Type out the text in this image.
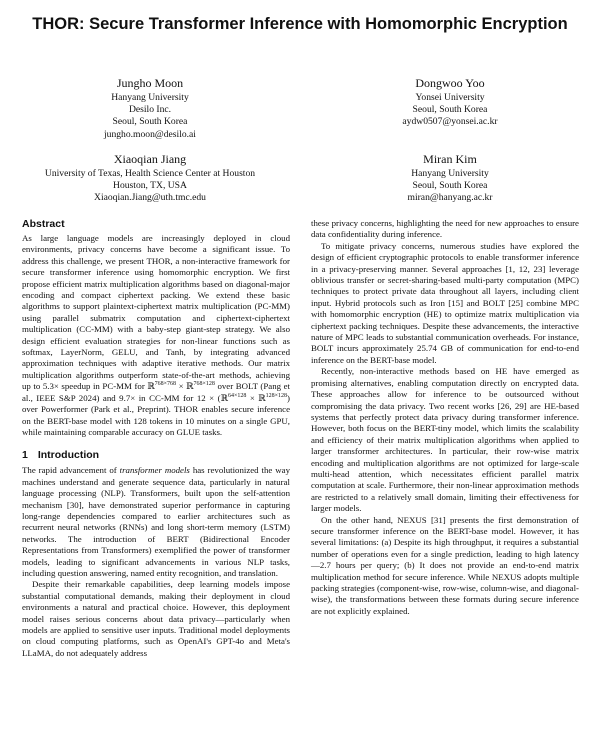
THOR: Secure Transformer Inference with Homomorphic Encryption
Jungho Moon
Hanyang University
Desilo Inc.
Seoul, South Korea
jungho.moon@desilo.ai
Dongwoo Yoo
Yonsei University
Seoul, South Korea
aydw0507@yonsei.ac.kr
Xiaoqian Jiang
University of Texas, Health Science Center at Houston
Houston, TX, USA
Xiaoqian.Jiang@uth.tmc.edu
Miran Kim
Hanyang University
Seoul, South Korea
miran@hanyang.ac.kr
Abstract

As large language models are increasingly deployed in cloud environments, privacy concerns have become a significant issue. To address this challenge, we present THOR, a non-interactive framework for secure transformer inference using homomorphic encryption. We first propose efficient matrix multiplication algorithms based on diagonal-major encoding and compact ciphertext packing. We extend these basic algorithms to support plaintext-ciphertext matrix multiplication (PC-MM) using parallel submatrix computation and ciphertext-ciphertext multiplication (CC-MM) with a baby-step giant-step strategy. We also design efficient evaluation strategies for non-linear functions such as softmax, LayerNorm, GELU, and Tanh, by integrating advanced approximation techniques with adaptive iterative methods. Our matrix multiplication algorithms outperform state-of-the-art methods, achieving up to 5.3× speedup in PC-MM for ℝ$^{768\times 768}$ × ℝ$^{768\times 128}$ over BOLT (Pang et al., IEEE S&P 2024) and 9.7× in CC-MM for 12 × (ℝ$^{64\times 128}$ × ℝ$^{128\times 128}$) over Powerformer (Park et al., Preprint). THOR enables secure inference on the BERT-base model with 128 tokens in 10 minutes on a single GPU, while maintaining comparable accuracy on GLUE tasks.

1 Introduction

The rapid advancement of transformer models has revolutionized the way machines understand and generate sequence data, particularly in natural language processing (NLP). Transformers, built upon the self-attention mechanism [30], have demonstrated superior performance in capturing long-range dependencies compared to earlier architectures such as recurrent neural networks (RNNs) and long short-term memory (LSTM) networks. The introduction of BERT (Bidirectional Encoder Representations from Transformers) exemplified the power of transformer models, leading to significant advancements in various NLP tasks, including question answering, named entity recognition, and translation.

Despite their remarkable capabilities, deep learning models impose substantial computational demands, making their deployment in cloud environments a natural and practical choice. However, this deployment model raises serious concerns about data privacy—particularly when models are applied to sensitive user inputs. Traditional model deployments on cloud computing platforms, such as OpenAI's GPT-4o and Meta's LLaMA, do not adequately address

these privacy concerns, highlighting the need for new approaches to ensure data confidentiality during inference.

To mitigate privacy concerns, numerous studies have explored the design of efficient cryptographic protocols to enable transformer inference in a privacy-preserving manner. Several approaches [1, 12, 23] leverage oblivious transfer or secret-sharing-based multi-party computation (MPC) techniques to protect private data throughout all layers, including client input. Hybrid protocols such as Iron [15] and BOLT [25] combine MPC with homomorphic encryption (HE) to optimize matrix multiplication via ciphertext packing techniques. Despite these advancements, the interactive nature of MPC leads to substantial communication overheads. For instance, BOLT incurs approximately 25.74 GB of communication for end-to-end inference on the BERT-base model.

Recently, non-interactive methods based on HE have emerged as promising alternatives, enabling computation directly on encrypted data. These approaches allow for inference to be outsourced without compromising the data privacy. Two recent works [26, 29] are HE-based systems that perfectly protect data privacy during transformer inference. However, both focus on the BERT-tiny model, which limits the scalability and efficiency of their matrix multiplication algorithms when applied to larger transformer architectures. In particular, their row-wise matrix encoding and multiplication algorithms are not optimized for large-scale multi-head attention, which necessitates efficient parallel matrix computation at scale. Furthermore, their non-linear approximation methods are restricted to a relatively small domain, limiting their effectiveness for larger models.

On the other hand, NEXUS [31] presents the first demonstration of secure transformer inference on the BERT-base model. However, it has several limitations: (a) Despite its high throughput, it requires a substantial number of operations even for a single prediction, leading to high latency—2.7 hours per query; (b) It does not provide an end-to-end matrix multiplication method for secure inference. While NEXUS adopts multiple packing strategies (component-wise, row-wise, column-wise, and diagonal-wise), the transformations between these formats during secure inference are not explicitly explained.
